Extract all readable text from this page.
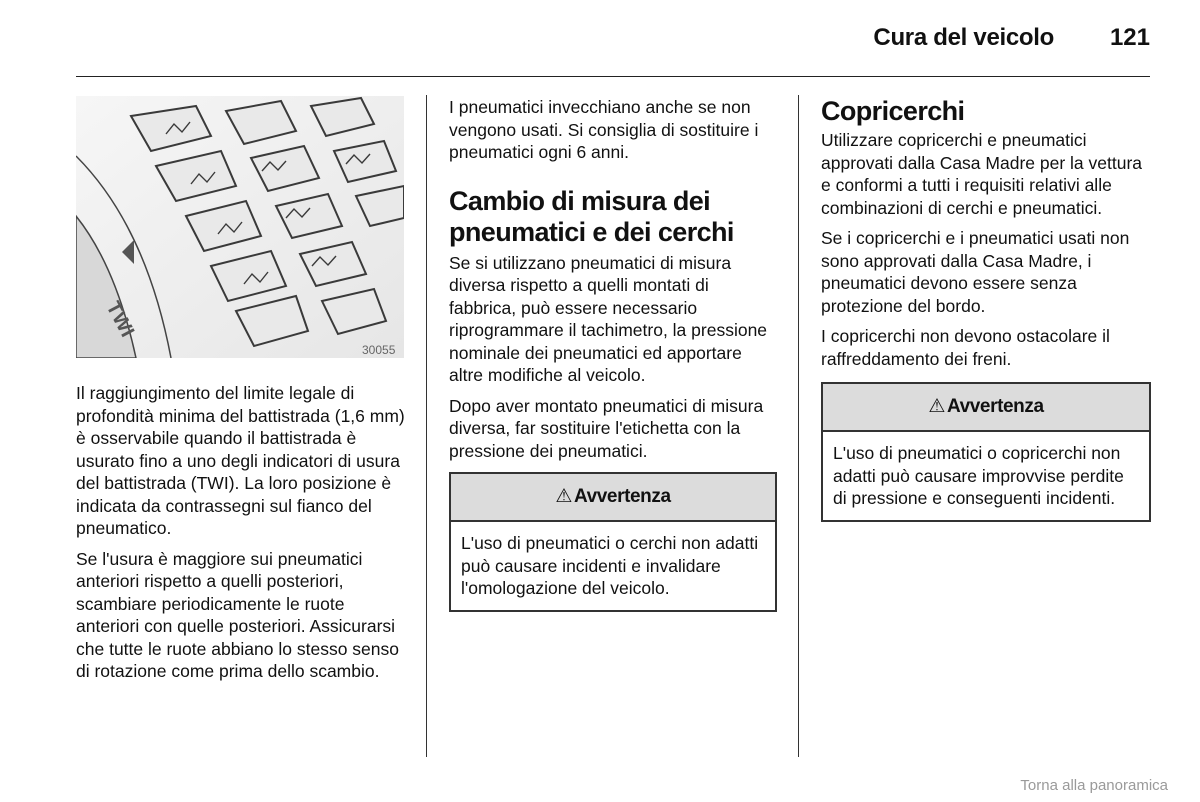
Cura del veicolo 121
TWI
30055

Il raggiungimento del limite legale di profondità minima del battistrada (1,6 mm) è osservabile quando il battistrada è usurato fino a uno degli indicatori di usura del battistrada (TWI). La loro posizione è indicata da contrassegni sul fianco del pneumatico.

Se l'usura è maggiore sui pneumatici anteriori rispetto a quelli posteriori, scambiare periodicamente le ruote anteriori con quelle posteriori. Assicurarsi che tutte le ruote abbiano lo stesso senso di rotazione come prima dello scambio.

I pneumatici invecchiano anche se non vengono usati. Si consiglia di sostituire i pneumatici ogni 6 anni.

Cambio di misura dei pneumatici e dei cerchi

Se si utilizzano pneumatici di misura diversa rispetto a quelli montati di fabbrica, può essere necessario riprogrammare il tachimetro, la pressione nominale dei pneumatici ed apportare altre modifiche al veicolo.

Dopo aver montato pneumatici di misura diversa, far sostituire l'etichetta con la pressione dei pneumatici.

⚠ Avvertenza
L'uso di pneumatici o cerchi non adatti può causare incidenti e invalidare l'omologazione del veicolo.
Copricerchi

Utilizzare copricerchi e pneumatici approvati dalla Casa Madre per la vettura e conformi a tutti i requisiti relativi alle combinazioni di cerchi e pneumatici.

Se i copricerchi e i pneumatici usati non sono approvati dalla Casa Madre, i pneumatici devono essere senza protezione del bordo.

I copricerchi non devono ostacolare il raffreddamento dei freni.

⚠ Avvertenza
L'uso di pneumatici o copricerchi non adatti può causare improvvise perdite di pressione e conseguenti incidenti.
Torna alla panoramica
